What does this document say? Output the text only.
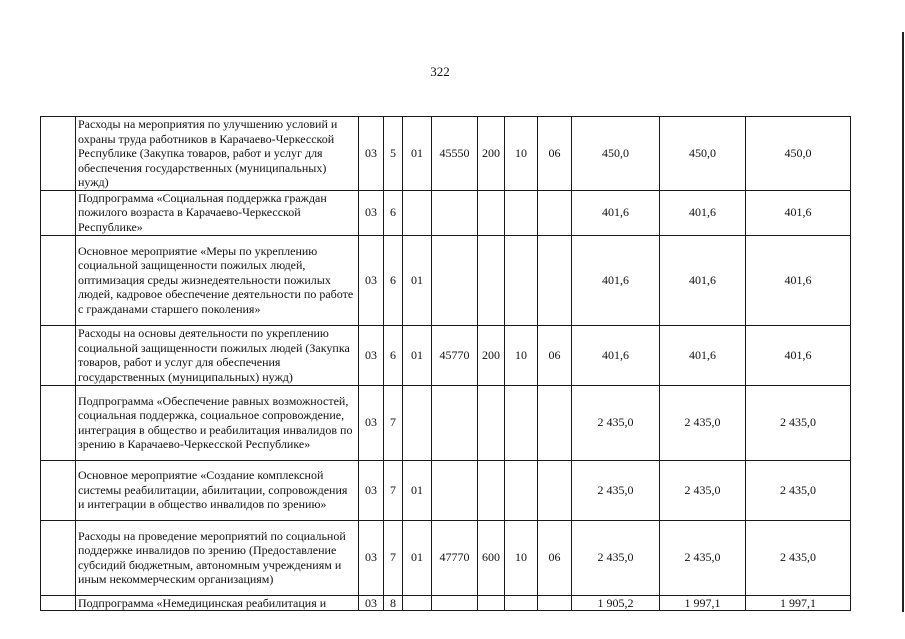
322
	Расходы на мероприятия по улучшению условий и охраны труда работников в Карачаево-Черкесской Республике (Закупка товаров, работ и услуг для обеспечения государственных (муниципальных) нужд)	03	5	01	45550	200	10	06	450,0	450,0	450,0
	Подпрограмма «Социальная поддержка граждан пожилого возраста в Карачаево-Черкесской Республике»	03	6						401,6	401,6	401,6
	Основное мероприятие «Меры по укреплению социальной защищенности пожилых людей, оптимизация среды жизнедеятельности пожилых людей, кадровое обеспечение деятельности по работе с гражданами старшего поколения»	03	6	01					401,6	401,6	401,6
	Расходы на основы деятельности по укреплению социальной защищенности пожилых людей (Закупка товаров, работ и услуг для обеспечения государственных (муниципальных) нужд)	03	6	01	45770	200	10	06	401,6	401,6	401,6
	Подпрограмма «Обеспечение равных возможностей, социальная поддержка, социальное сопровождение, интеграция в общество и реабилитация инвалидов по зрению в Карачаево-Черкесской Республике»	03	7						2 435,0	2 435,0	2 435,0
	Основное мероприятие «Создание комплексной системы реабилитации, абилитации, сопровождения и интеграции в общество инвалидов по зрению»	03	7	01					2 435,0	2 435,0	2 435,0
	Расходы на проведение мероприятий по социальной поддержке инвалидов по зрению (Предоставление субсидий бюджетным, автономным учреждениям и иным некоммерческим организациям)	03	7	01	47770	600	10	06	2 435,0	2 435,0	2 435,0
	Подпрограмма «Немедицинская реабилитация и	03	8						1 905,2	1 997,1	1 997,1
